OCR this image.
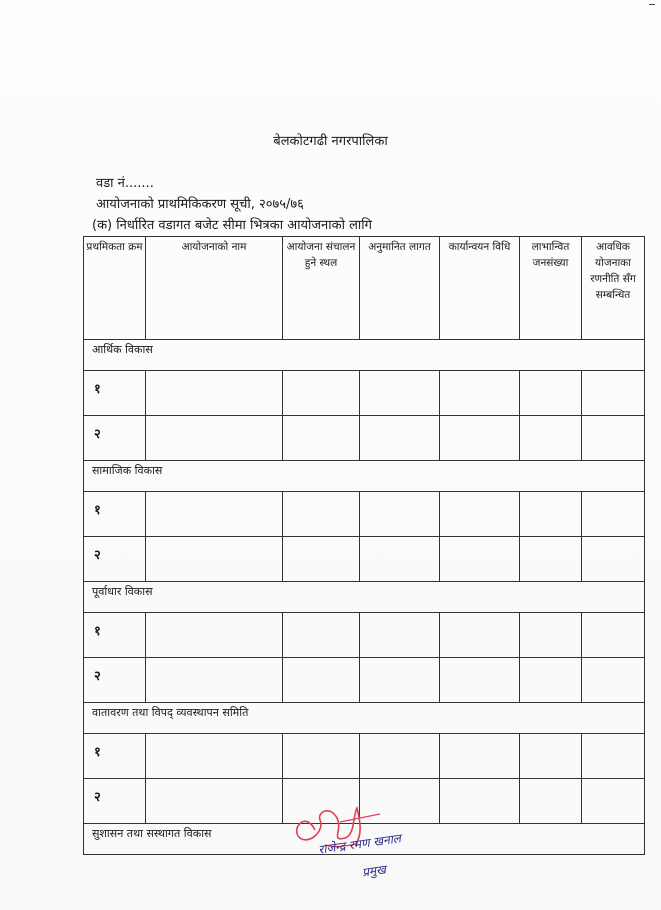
बेलकोटगढी नगरपालिका
वडा नं.......
आयोजनाको प्राथमिकिकरण सूची, २०७५/७६
(क) निर्धारित वडागत बजेट सीमा भित्रका आयोजनाको लागि
प्रथमिकता क्रम	आयोजनाको नाम	आयोजना संचालन हुने स्थल	अनुमानित लागत	कार्यान्वयन विधि	लाभान्वित जनसंख्या	आवधिक योजनाका रणनीति सँग सम्बन्धित
आर्थिक विकास						
१						
२						
सामाजिक विकास						
१						
२						
पूर्वाधार विकास						
१						
२						
वातावरण तथा विपद् व्यवस्थापन समिति						
१						
२						
सुशासन तथा सस्थागत विकास							राजेन्द्र रमण खनाल
प्रमुख
